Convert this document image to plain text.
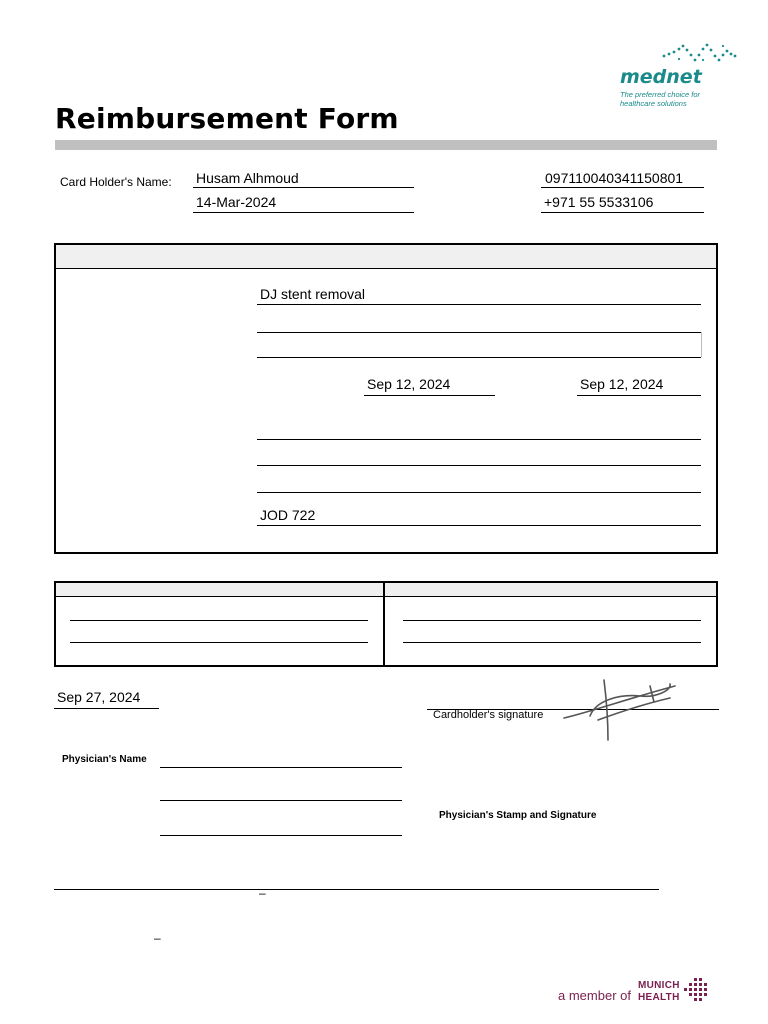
mednet
The preferred choice for
healthcare solutions
Reimbursement Form
Card Holder's Name: Husam Alhmoud
14-Mar-2024
097110040341150801
+971 55 5533106
DJ stent removal
Sep 12, 2024	Sep 12, 2024
JOD 722
Sep 27, 2024
Cardholder's signature
Physician's Name
Physician's Stamp and Signature
–
–
a member of
MUNICH
HEALTH
